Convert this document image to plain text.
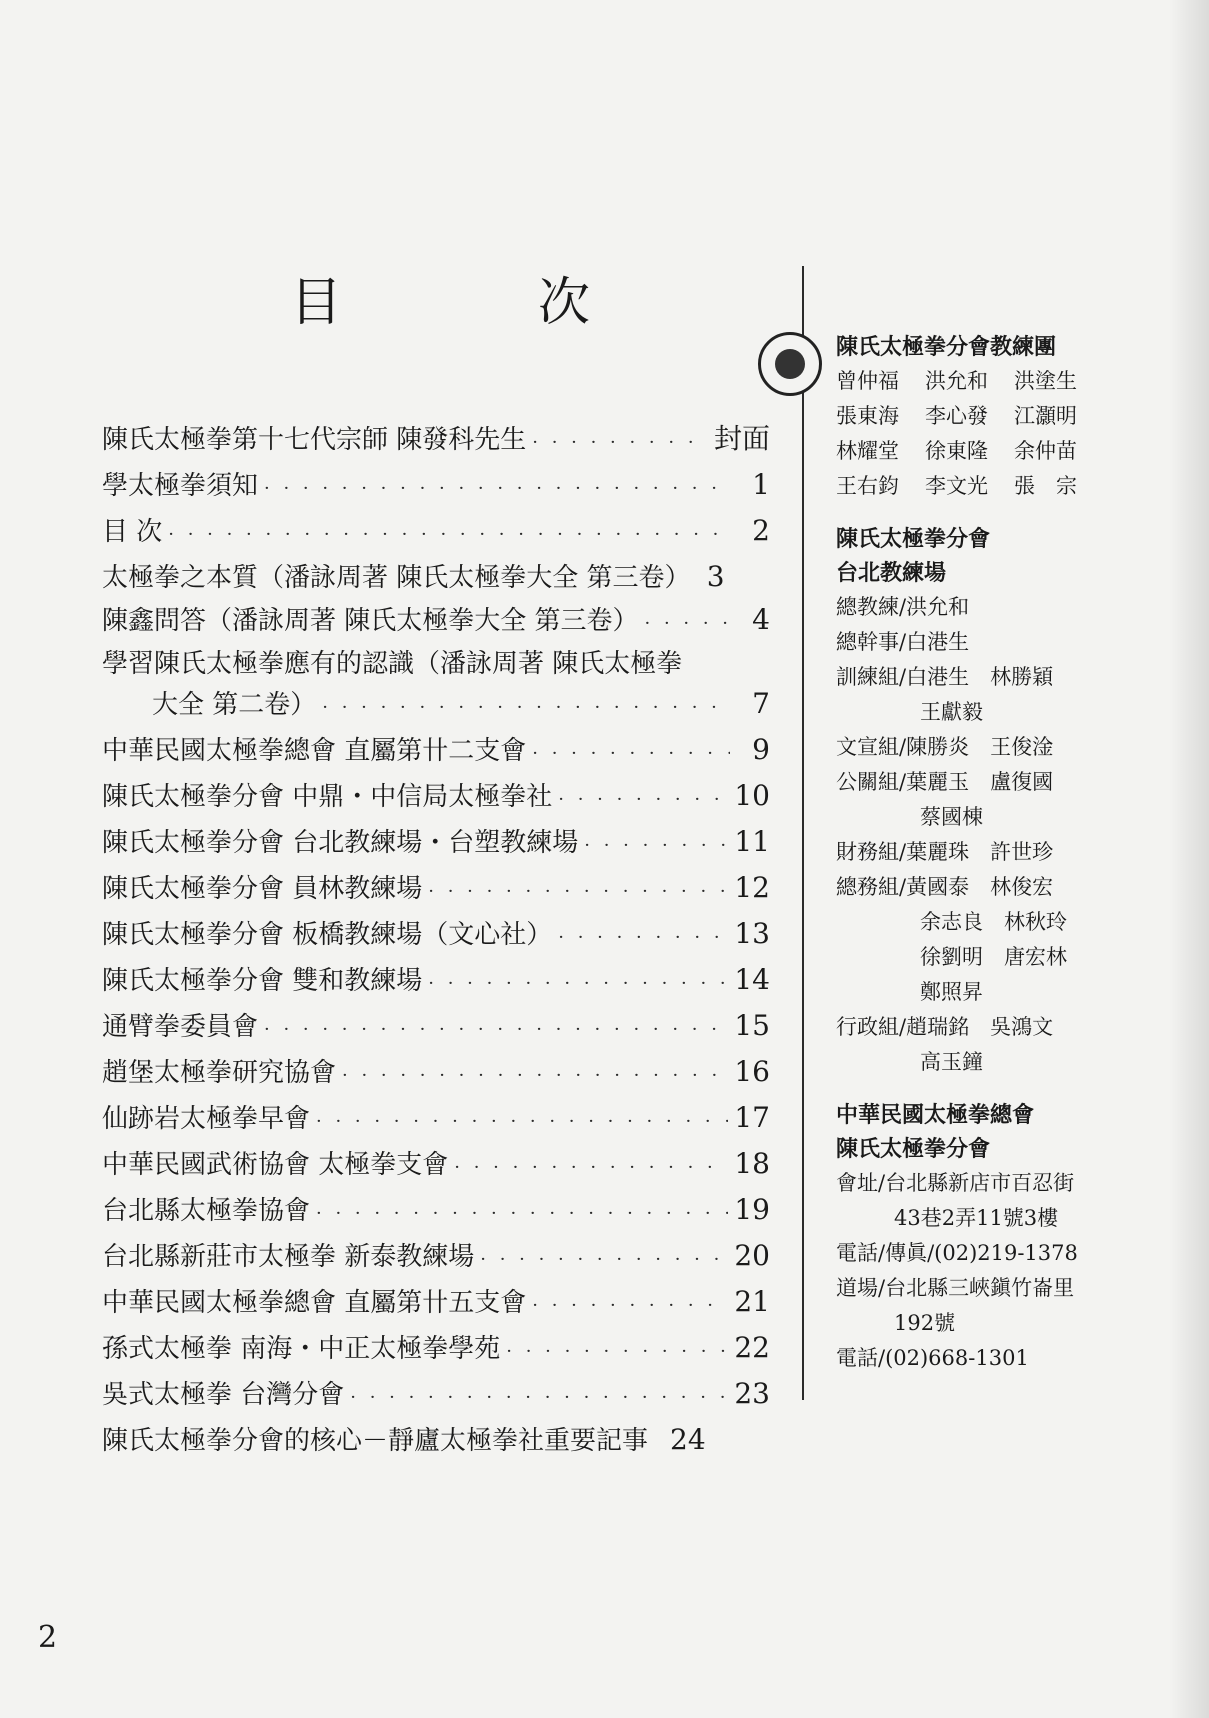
目	次
陳氏太極拳第十七代宗師 陳發科先生 · · ·	封面
學太極拳須知 · · ·	1
目 次 · · ·	2
太極拳之本質（潘詠周著 陳氏太極拳大全 第三卷） 3
陳鑫問答（潘詠周著 陳氏太極拳大全 第三卷） · · ·	4
學習陳氏太極拳應有的認識（潘詠周著 陳氏太極拳
大全 第二卷） · · ·	7
中華民國太極拳總會 直屬第卄二支會 · · ·	9
陳氏太極拳分會 中鼎・中信局太極拳社 · · ·	10
陳氏太極拳分會 台北教練場・台塑教練場 · · ·	11
陳氏太極拳分會 員林教練場 · · ·	12
陳氏太極拳分會 板橋教練場（文心社） · · ·	13
陳氏太極拳分會 雙和教練場 · · ·	14
通臂拳委員會 · · ·	15
趙堡太極拳研究協會 · · ·	16
仙跡岩太極拳早會 · · ·	17
中華民國武術協會 太極拳支會 · · ·	18
台北縣太極拳協會 · · ·	19
台北縣新莊市太極拳 新泰教練場 · · ·	20
中華民國太極拳總會 直屬第卄五支會 · · ·	21
孫式太極拳 南海・中正太極拳學苑 · · ·	22
吳式太極拳 台灣分會 · · ·	23
陳氏太極拳分會的核心－靜廬太極拳社重要記事 24
陳氏太極拳分會教練團
曾仲福 洪允和 洪塗生
張東海 李心發 江灝明
林耀堂 徐東隆 余仲苗
王右鈞 李文光 張　宗
陳氏太極拳分會
台北教練場
總教練/洪允和
總幹事/白港生
訓練組/白港生　林勝穎
王獻毅
文宣組/陳勝炎　王俊淦
公關組/葉麗玉　盧復國
蔡國棟
財務組/葉麗珠　許世珍
總務組/黃國泰　林俊宏
余志良　林秋玲
徐劉明　唐宏林
鄭照昇
行政組/趙瑞銘　吳鴻文
高玉鐘
中華民國太極拳總會
陳氏太極拳分會
會址/台北縣新店市百忍街
43巷2弄11號3樓
電話/傳眞/(02)219-1378
道場/台北縣三峽鎭竹崙里
192號
電話/(02)668-1301
2
